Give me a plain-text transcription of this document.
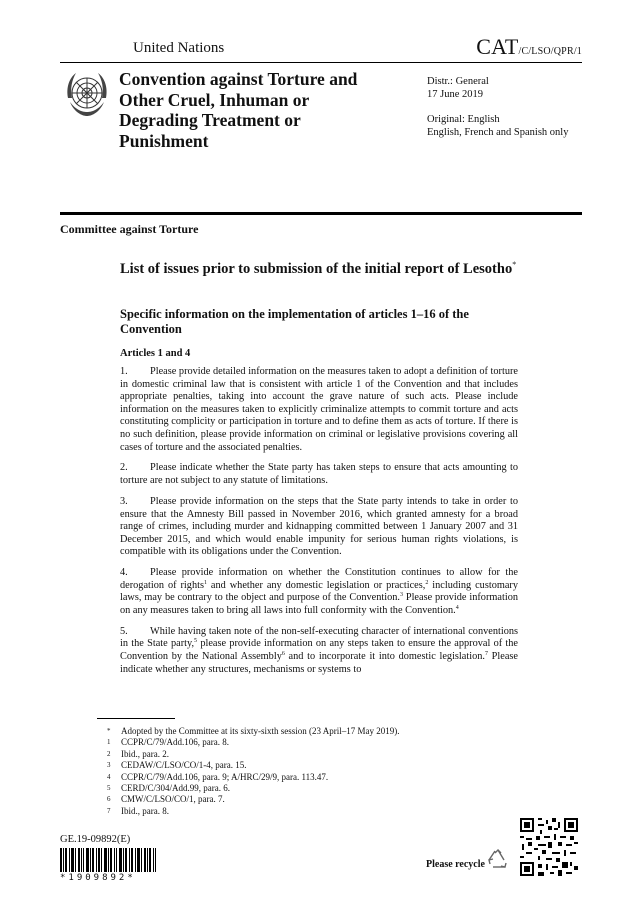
United Nations	CAT/C/LSO/QPR/1
Convention against Torture and Other Cruel, Inhuman or Degrading Treatment or Punishment
Distr.: General
17 June 2019
Original: English
English, French and Spanish only
Committee against Torture
List of issues prior to submission of the initial report of Lesotho*
Specific information on the implementation of articles 1–16 of the Convention
Articles 1 and 4

1. Please provide detailed information on the measures taken to adopt a definition of torture in domestic criminal law that is consistent with article 1 of the Convention and that includes appropriate penalties, taking into account the grave nature of such acts. Please include information on the measures taken to explicitly criminalize attempts to commit torture and acts constituting complicity or participation in torture and to define them as acts of torture. If there is no such definition, please provide information on criminal or legislative provisions covering all cases of torture and the associated penalties.

2. Please indicate whether the State party has taken steps to ensure that acts amounting to torture are not subject to any statute of limitations.

3. Please provide information on the steps that the State party intends to take in order to ensure that the Amnesty Bill passed in November 2016, which granted amnesty for a broad range of crimes, including murder and kidnapping committed between 1 January 2007 and 31 December 2015, and which would enable impunity for serious human rights violations, is compatible with its obligations under the Convention.

4. Please provide information on whether the Constitution continues to allow for the derogation of rights$^1$ and whether any domestic legislation or practices,$^2$ including customary laws, may be contrary to the object and purpose of the Convention.$^3$ Please provide information on any measures taken to bring all laws into full conformity with the Convention.$^4$

5. While having taken note of the non-self-executing character of international conventions in the State party,$^5$ please provide information on any steps taken to ensure the approval of the Convention by the National Assembly$^6$ and to incorporate it into domestic legislation.$^7$ Please indicate whether any structures, mechanisms or systems to

*	Adopted by the Committee at its sixty-sixth session (23 April–17 May 2019).
1	CCPR/C/79/Add.106, para. 8.
2	Ibid., para. 2.
3	CEDAW/C/LSO/CO/1-4, para. 15.
4	CCPR/C/79/Add.106, para. 9; A/HRC/29/9, para. 113.47.
5	CERD/C/304/Add.99, para. 6.
6	CMW/C/LSO/CO/1, para. 7.
7	Ibid., para. 8.
GE.19-09892(E)
*1909892*
Please recycle
